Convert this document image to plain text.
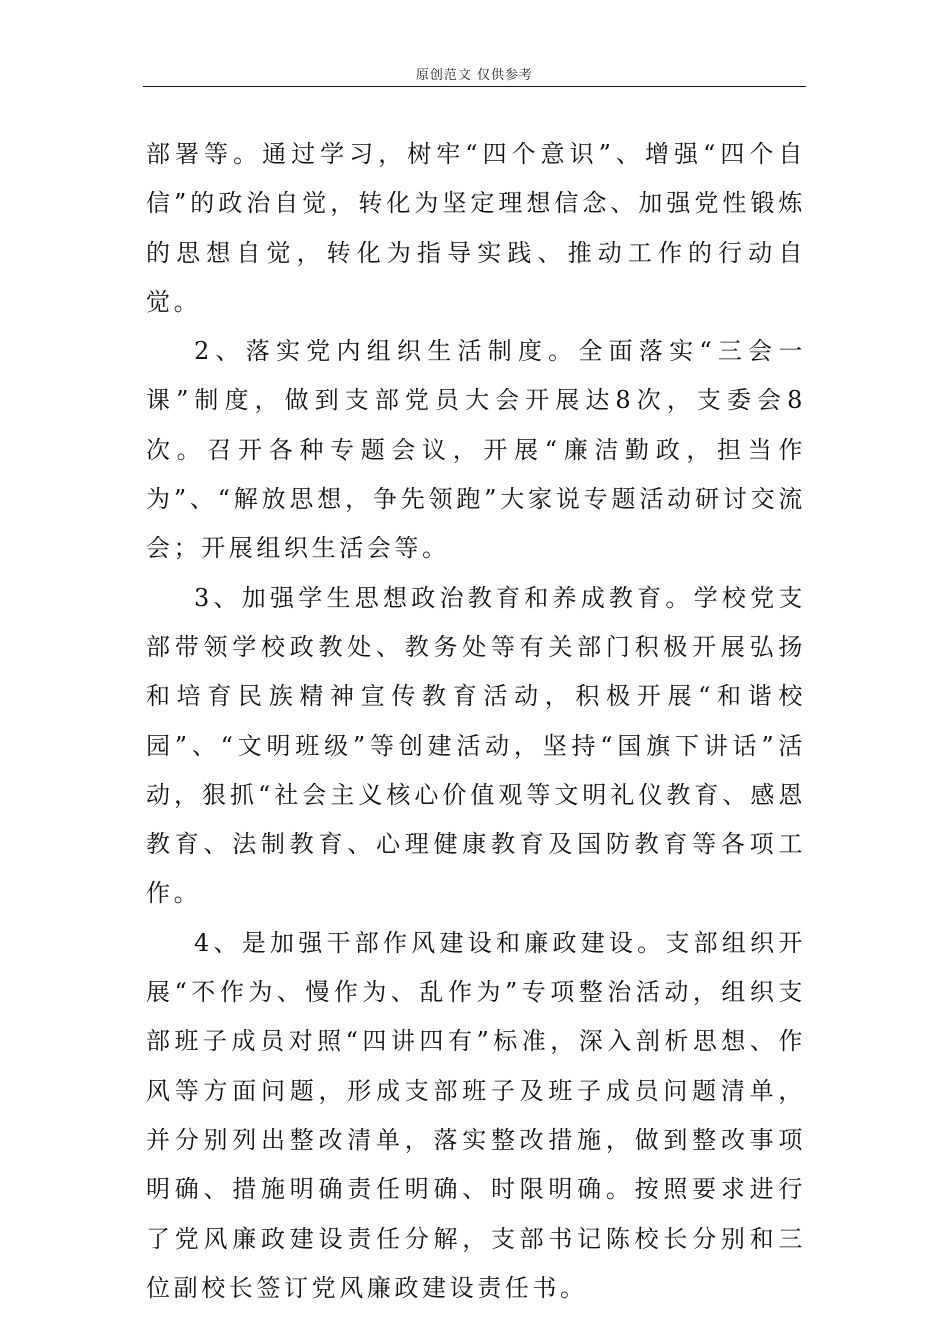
原创范文 仅供参考

部署等。通过学习，树牢“四个意识”、增强“四个自信”的政治自觉，转化为坚定理想信念、加强党性锻炼的思想自觉，转化为指导实践、推动工作的行动自觉。

2、落实党内组织生活制度。全面落实“三会一课”制度，做到支部党员大会开展达8次，支委会8次。召开各种专题会议，开展“廉洁勤政，担当作为”、“解放思想，争先领跑”大家说专题活动研讨交流会；开展组织生活会等。

3、加强学生思想政治教育和养成教育。学校党支部带领学校政教处、教务处等有关部门积极开展弘扬和培育民族精神宣传教育活动，积极开展“和谐校园”、“文明班级”等创建活动，坚持“国旗下讲话”活动，狠抓“社会主义核心价值观等文明礼仪教育、感恩教育、法制教育、心理健康教育及国防教育等各项工作。

4、是加强干部作风建设和廉政建设。支部组织开展“不作为、慢作为、乱作为”专项整治活动，组织支部班子成员对照“四讲四有”标准，深入剖析思想、作风等方面问题，形成支部班子及班子成员问题清单，并分别列出整改清单，落实整改措施，做到整改事项明确、措施明确责任明确、时限明确。按照要求进行了党风廉政建设责任分解，支部书记陈校长分别和三位副校长签订党风廉政建设责任书。
